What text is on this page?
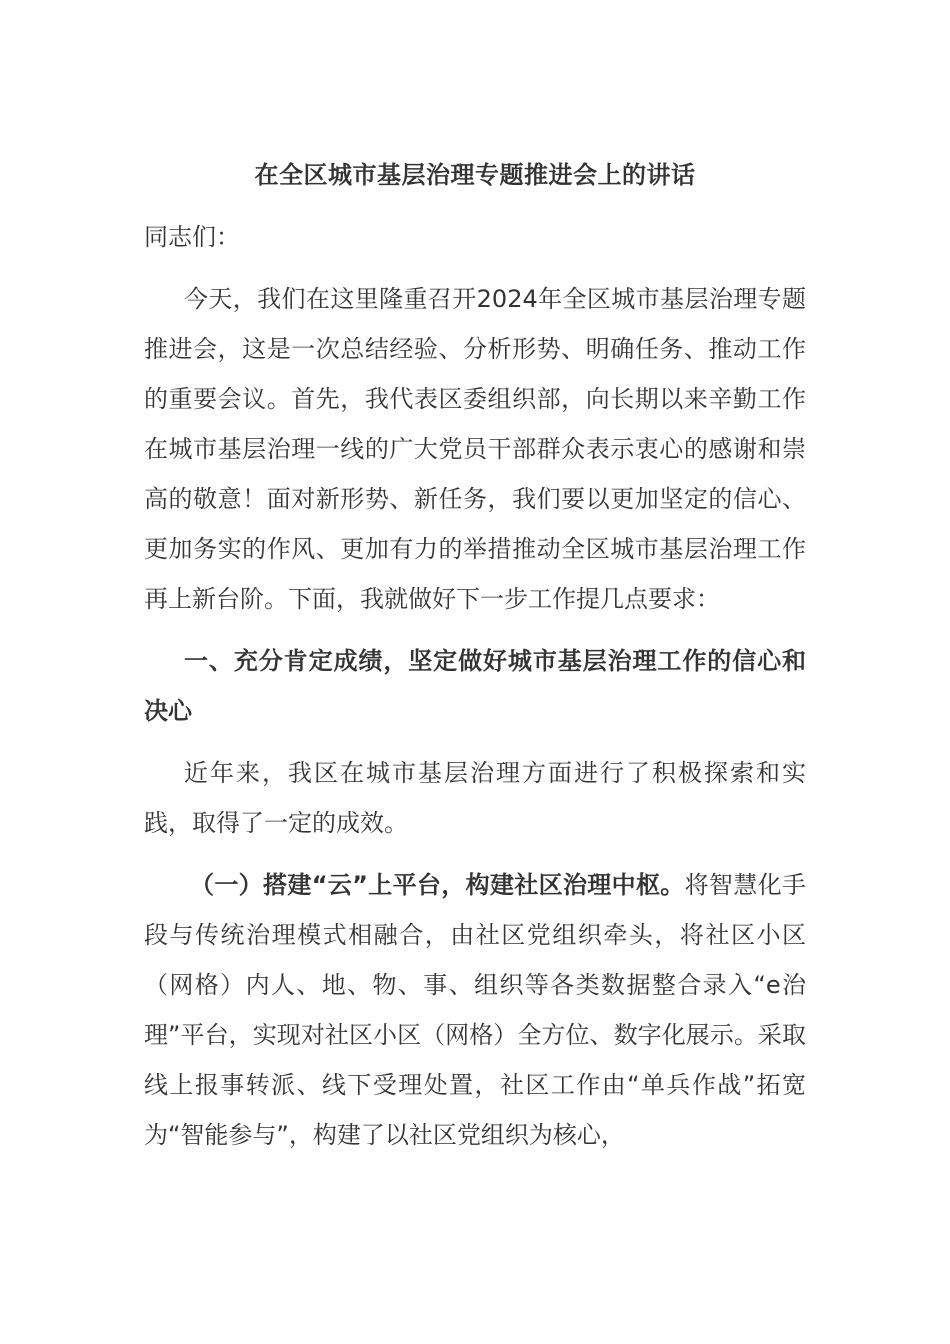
在全区城市基层治理专题推进会上的讲话

同志们：

今天，我们在这里隆重召开2024年全区城市基层治理专题推进会，这是一次总结经验、分析形势、明确任务、推动工作的重要会议。首先，我代表区委组织部，向长期以来辛勤工作在城市基层治理一线的广大党员干部群众表示衷心的感谢和崇高的敬意！面对新形势、新任务，我们要以更加坚定的信心、更加务实的作风、更加有力的举措推动全区城市基层治理工作再上新台阶。下面，我就做好下一步工作提几点要求：

一、充分肯定成绩，坚定做好城市基层治理工作的信心和决心

近年来，我区在城市基层治理方面进行了积极探索和实践，取得了一定的成效。

（一）搭建“云”上平台，构建社区治理中枢。将智慧化手段与传统治理模式相融合，由社区党组织牵头，将社区小区（网格）内人、地、物、事、组织等各类数据整合录入“e治理”平台，实现对社区小区（网格）全方位、数字化展示。采取线上报事转派、线下受理处置，社区工作由“单兵作战”拓宽为“智能参与”，构建了以社区党组织为核心，
